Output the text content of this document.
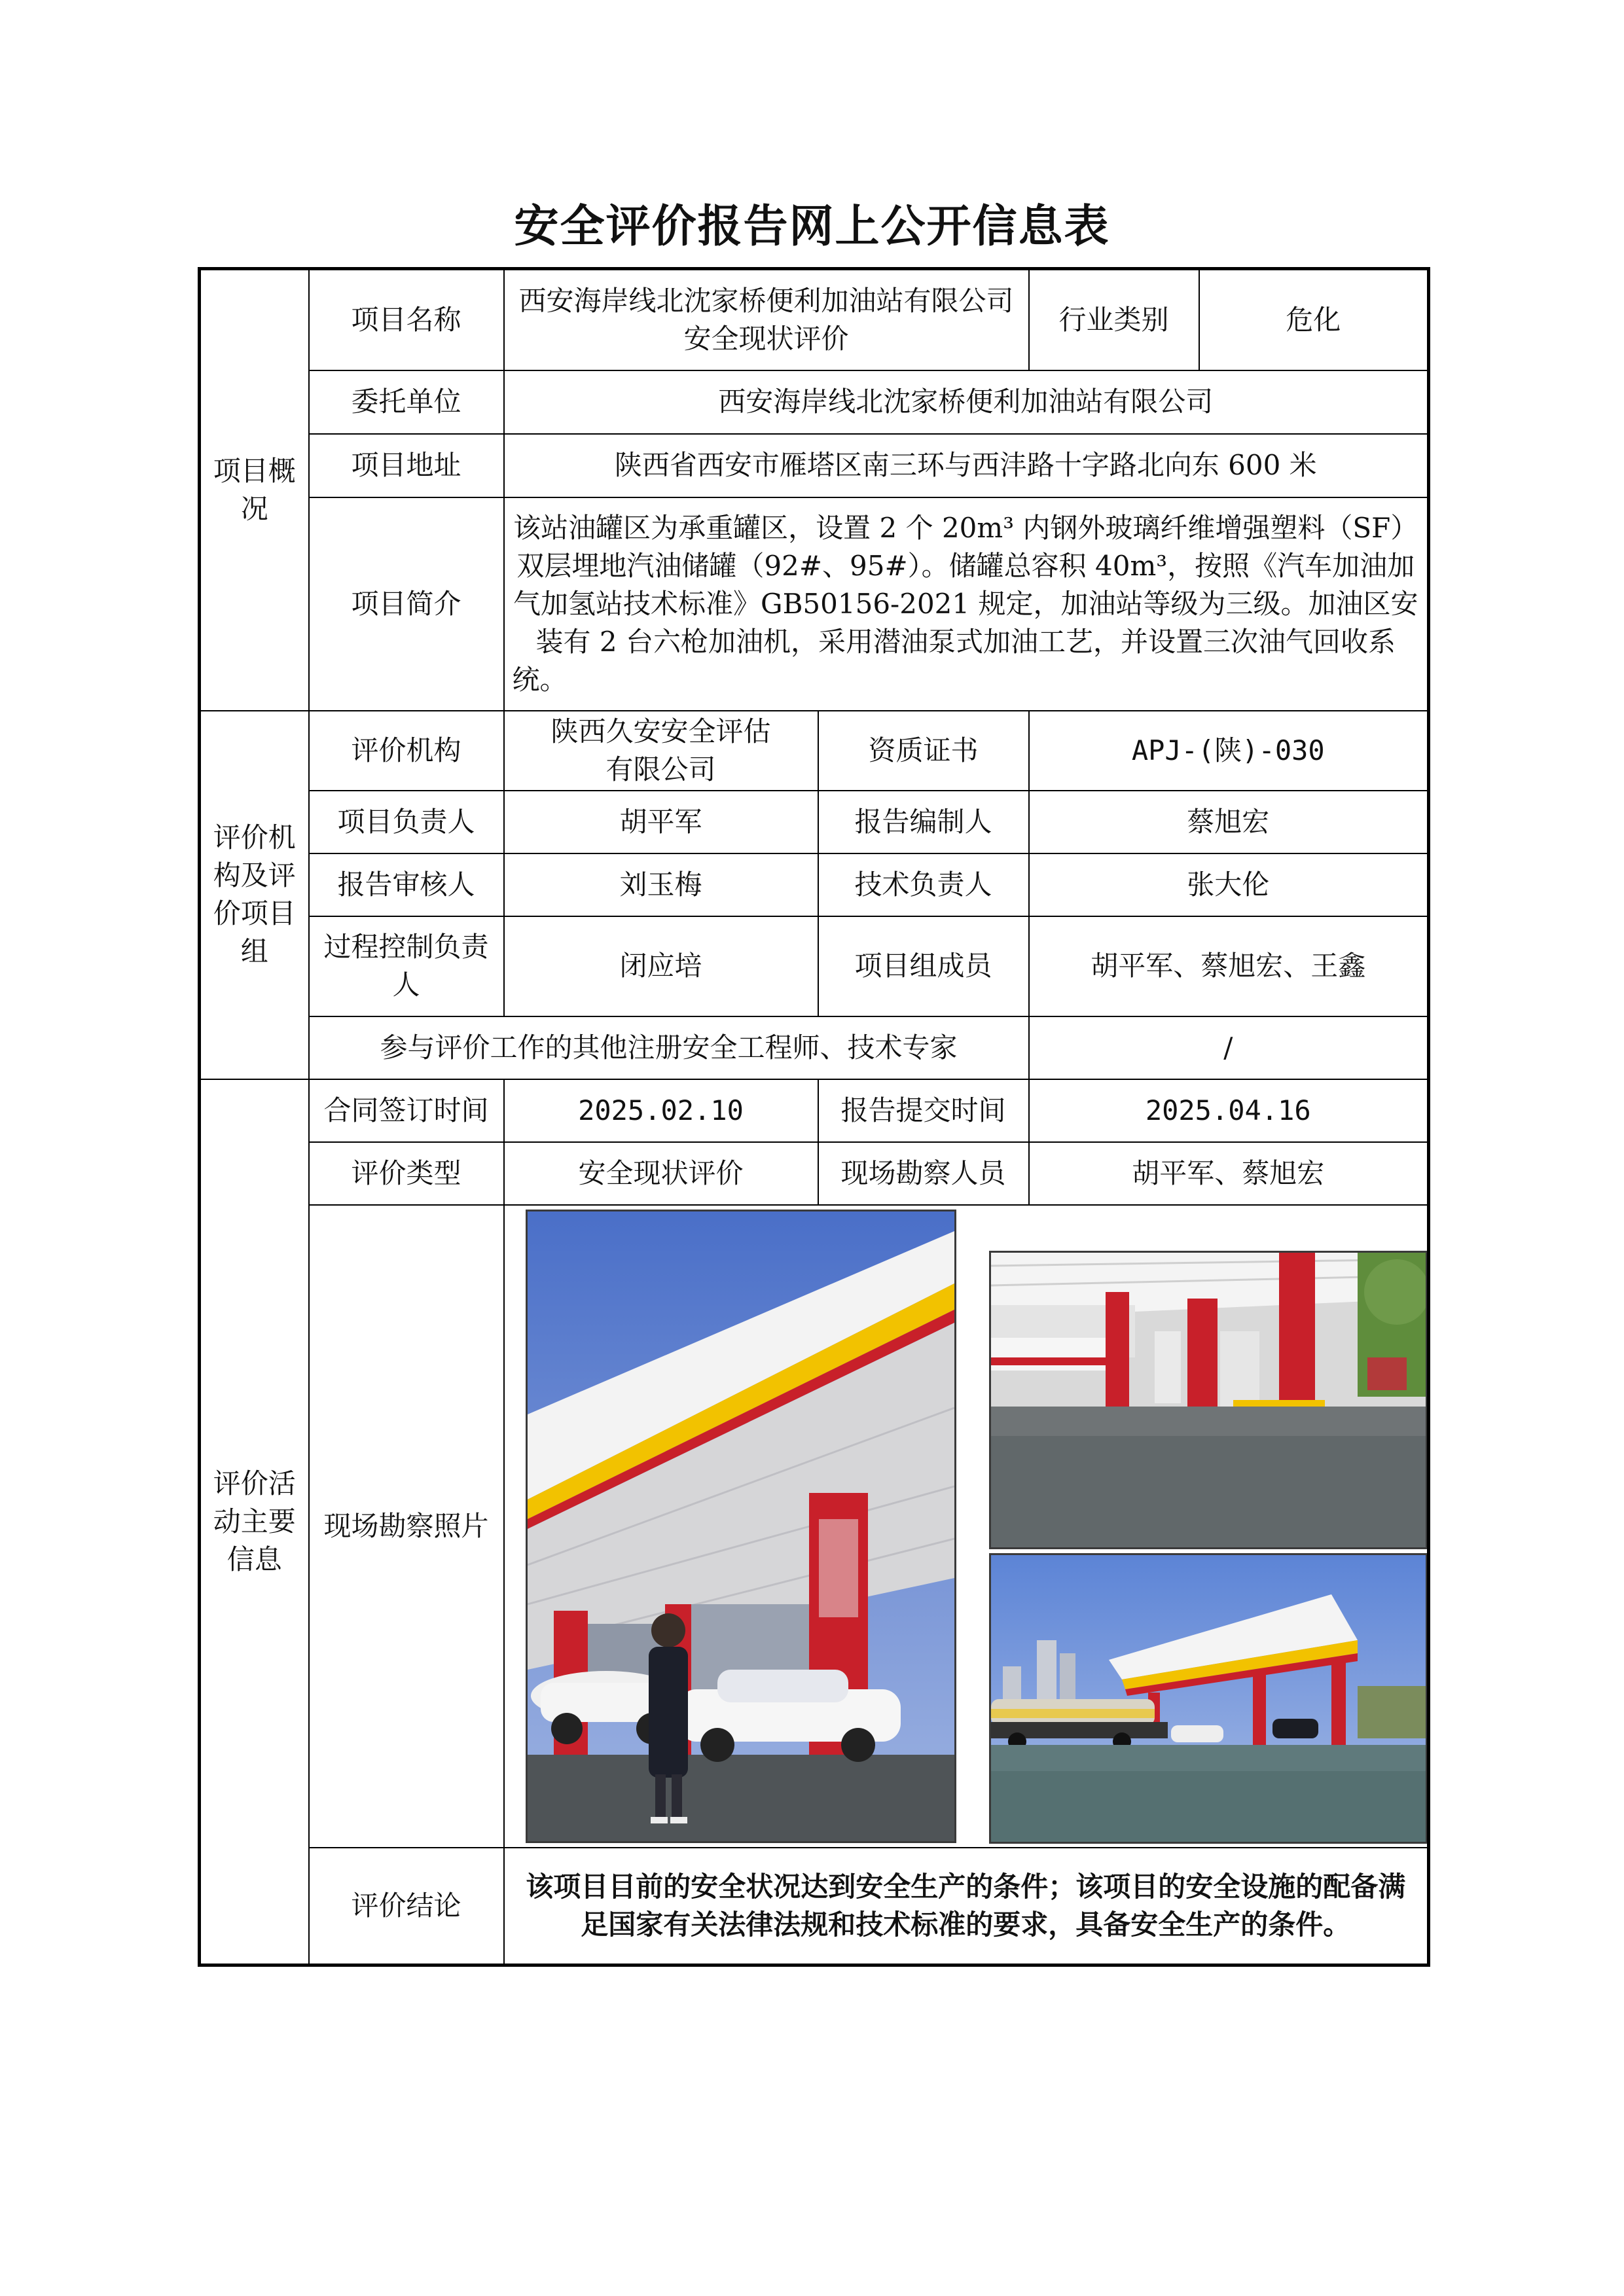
安全评价报告网上公开信息表
项目概况	项目名称	西安海岸线北沈家桥便利加油站有限公司安全现状评价		行业类别	危化
	委托单位	西安海岸线北沈家桥便利加油站有限公司			
	项目地址	陕西省西安市雁塔区南三环与西沣路十字路北向东 600 米			
	项目简介	该站油罐区为承重罐区，设置 2 个 20m³ 内钢外玻璃纤维增强塑料（SF）双层埋地汽油储罐（92#、95#）。储罐总容积 40m³，按照《汽车加油加气加氢站技术标准》GB50156-2021 规定，加油站等级为三级。加油区安装有 2 台六枪加油机，采用潜油泵式加油工艺，并设置三次油气回收系统。			
评价机构及评价项目组	评价机构	陕西久安安全评估有限公司	资质证书	APJ-(陕)-030	
	项目负责人	胡平军	报告编制人	蔡旭宏	
	报告审核人	刘玉梅	技术负责人	张大伦	
	过程控制负责人	闭应培	项目组成员	胡平军、蔡旭宏、王鑫	
	参与评价工作的其他注册安全工程师、技术专家			/	
评价活动主要信息	合同签订时间	2025.02.10	报告提交时间	2025.04.16	
	评价类型	安全现状评价	现场勘察人员	胡平军、蔡旭宏	
	现场勘察照片	

	评价结论	该项目目前的安全状况达到安全生产的条件；该项目的安全设施的配备满足国家有关法律法规和技术标准的要求，具备安全生产的条件。			
